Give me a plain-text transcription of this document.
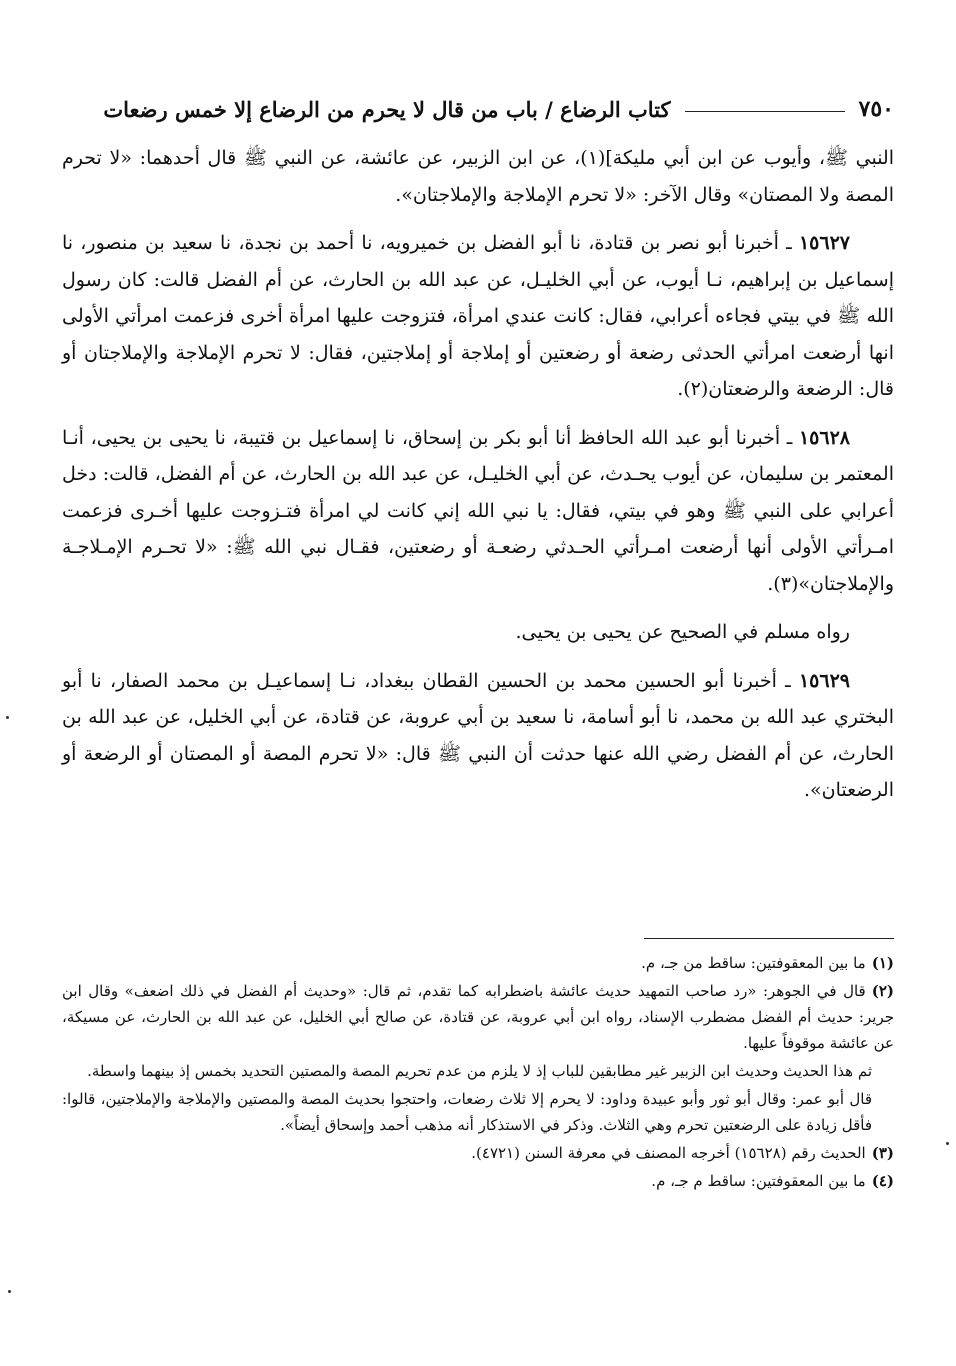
٧٥٠
كتاب الرضاع / باب من قال لا يحرم من الرضاع إلا خمس رضعات

النبي ﷺ، وأيوب عن ابن أبي مليكة](١)، عن ابن الزبير، عن عائشة، عن النبي ﷺ قال أحدهما: «لا تحرم المصة ولا المصتان» وقال الآخر: «لا تحرم الإملاجة والإملاجتان».

١٥٦٢٧ ـ أخبرنا أبو نصر بن قتادة، نا أبو الفضل بن خميرويه، نا أحمد بن نجدة، نا سعيد بن منصور، نا إسماعيل بن إبراهيم، نـا أيوب، عن أبي الخليـل، عن عبد الله بن الحارث، عن أم الفضل قالت: كان رسول الله ﷺ في بيتي فجاءه أعرابي، فقال: كانت عندي امرأة، فتزوجت عليها امرأة أخرى فزعمت امرأتي الأولى انها أرضعت امرأتي الحدثى رضعة أو رضعتين أو إملاجة أو إملاجتين، فقال: لا تحرم الإملاجة والإملاجتان أو قال: الرضعة والرضعتان(٢).

١٥٦٢٨ ـ أخبرنا أبو عبد الله الحافظ أنا أبو بكر بن إسحاق، نا إسماعيل بن قتيبة، نا يحيى بن يحيى، أنـا المعتمر بن سليمان، عن أيوب يحـدث، عن أبي الخليـل، عن عبد الله بن الحارث، عن أم الفضل، قالت: دخل أعرابي على النبي ﷺ وهو في بيتي، فقال: يا نبي الله إني كانت لي امرأة فتـزوجت عليها أخـرى فزعمت امـرأتي الأولى أنها أرضعت امـرأتي الحـدثي رضعـة أو رضعتين، فقـال نبي الله ﷺ: «لا تحـرم الإمـلاجـة والإملاجتان»(٣).

رواه مسلم في الصحيح عن يحيى بن يحيى.

١٥٦٢٩ ـ أخبرنا أبو الحسين محمد بن الحسين القطان ببغداد، نـا إسماعيـل بن محمد الصفار، نا أبو البختري عبد الله بن محمد، نا أبو أسامة، نا سعيد بن أبي عروبة، عن قتادة، عن أبي الخليل، عن عبد الله بن الحارث، عن أم الفضل رضي الله عنها حدثت أن النبي ﷺ قال: «لا تحرم المصة أو المصتان أو الرضعة أو الرضعتان».

(١)ما بين المعقوفتين: ساقط من جـ، م.

(٢)قال في الجوهر: «رد صاحب التمهيد حديث عائشة باضطرابه كما تقدم، ثم قال: «وحديث أم الفضل في ذلك اضعف» وقال ابن جرير: حديث أم الفضل مضطرب الإسناد، رواه ابن أبي عروبة، عن قتادة، عن صالح أبي الخليل، عن عبد الله بن الحارث، عن مسيكة، عن عائشة موقوفاً عليها.

ثم هذا الحديث وحديث ابن الزبير غير مطابقين للباب إذ لا يلزم من عدم تحريم المصة والمصتين التحديد بخمس إذ بينهما واسطة.

قال أبو عمر: وقال أبو ثور وأبو عبيدة وداود: لا يحرم إلا ثلاث رضعات، واحتجوا بحديث المصة والمصتين والإملاجة والإملاجتين، قالوا: فأقل زيادة على الرضعتين تحرم وهي الثلاث. وذكر في الاستذكار أنه مذهب أحمد وإسحاق أيضاً».

(٣)الحديث رقم (١٥٦٢٨) أخرجه المصنف في معرفة السنن (٤٧٢١).

(٤)ما بين المعقوفتين: ساقط م جـ، م.
